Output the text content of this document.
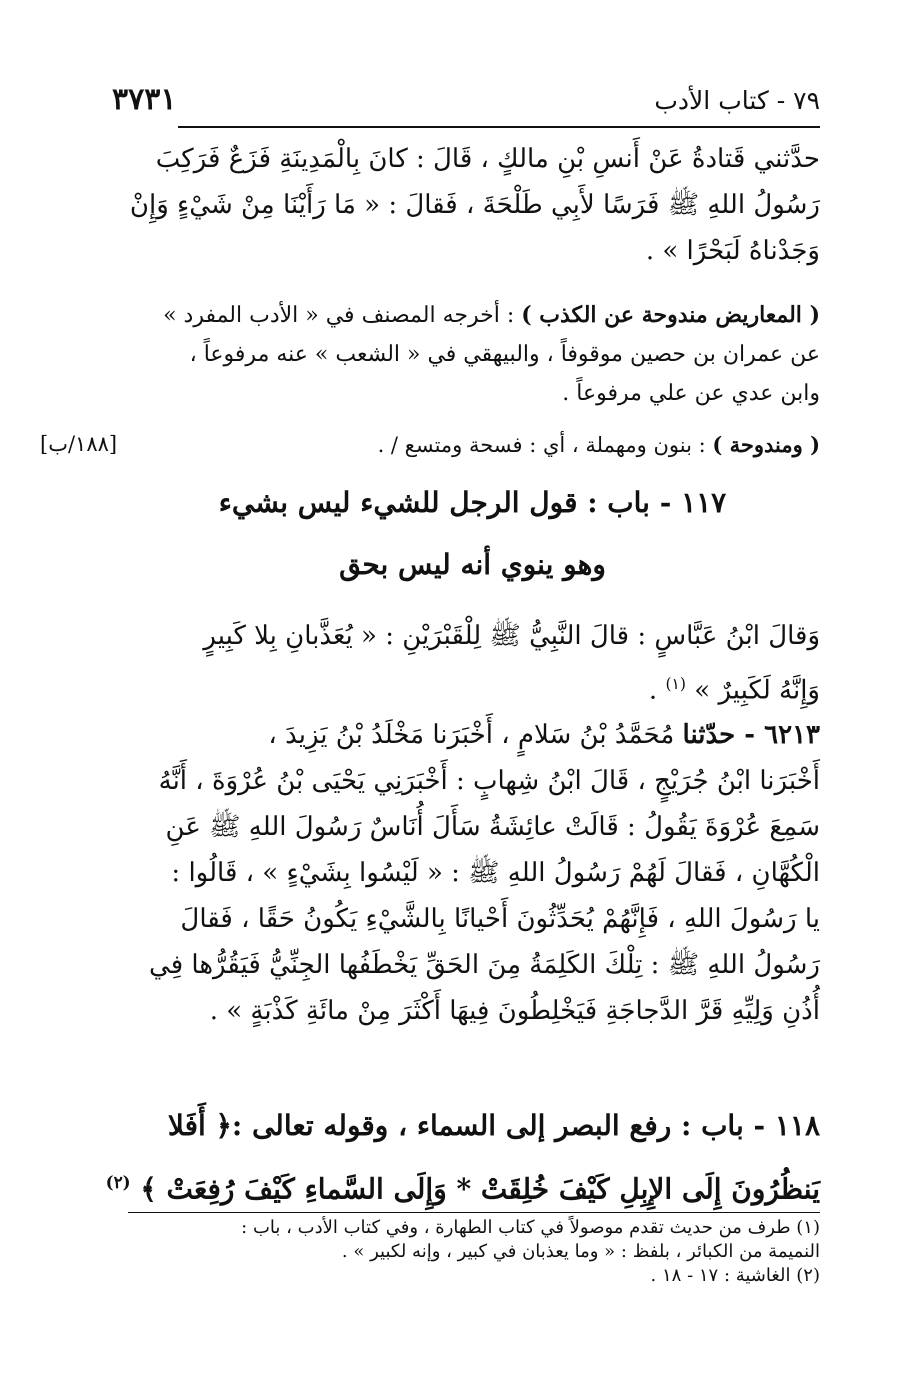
٧٩ - كتاب الأدب
٣٧٣١
حدَّثني قَتادةُ عَنْ أَنسِ بْنِ مالكٍ ، قَالَ : كانَ بِالْمَدِينَةِ فَزَعٌ فَرَكِبَ
رَسُولُ اللهِ ﷺ فَرَسًا لأَبِي طَلْحَةَ ، فَقالَ : « مَا رَأَيْنَا مِنْ شَيْءٍ وَإِنْ
وَجَدْناهُ لَبَحْرًا » .
( المعاريض مندوحة عن الكذب ) : أخرجه المصنف في « الأدب المفرد »
عن عمران بن حصين موقوفاً ، والبيهقي في « الشعب » عنه مرفوعاً ،
وابن عدي عن علي مرفوعاً .
( ومندوحة ) : بنون ومهملة ، أي : فسحة ومتسع / .
[١٨٨/ب]
١١٧ - باب : قول الرجل للشيء ليس بشيء
وهو ينوي أنه ليس بحق
وَقالَ ابْنُ عَبَّاسٍ : قالَ النَّبِيُّ ﷺ لِلْقَبْرَيْنِ : « يُعَذَّبانِ بِلا كَبِيرٍ
وَإِنَّهُ لَكَبِيرٌ » $^{(١)}$ .
٦٢١٣ - حدّثنا مُحَمَّدُ بْنُ سَلامٍ ، أَخْبَرَنا مَخْلَدُ بْنُ يَزِيدَ ،
أَخْبَرَنا ابْنُ جُرَيْجٍ ، قَالَ ابْنُ شِهابٍ : أَخْبَرَنِي يَحْيَى بْنُ عُرْوَةَ ، أَنَّهُ
سَمِعَ عُرْوَةَ يَقُولُ : قَالَتْ عائِشَةُ سَأَلَ أُنَاسٌ رَسُولَ اللهِ ﷺ عَنِ
الْكُهَّانِ ، فَقالَ لَهُمْ رَسُولُ اللهِ ﷺ : « لَيْسُوا بِشَيْءٍ » ، قَالُوا :
يا رَسُولَ اللهِ ، فَإِنَّهُمْ يُحَدِّثُونَ أَحْيانًا بِالشَّيْءِ يَكُونُ حَقًا ، فَقالَ
رَسُولُ اللهِ ﷺ : تِلْكَ الكَلِمَةُ مِنَ الحَقِّ يَخْطَفُها الجِنِّيُّ فَيَقُرُّها فِي
أُذُنِ وَلِيِّهِ قَرَّ الدَّجاجَةِ فَيَخْلِطُونَ فِيهَا أَكْثَرَ مِنْ مائَةِ كَذْبَةٍ » .
١١٨ - باب : رفع البصر إلى السماء ، وقوله تعالى :﴿ أَفَلا
يَنظُرُونَ إِلَى الإِبِلِ كَيْفَ خُلِقَتْ * وَإِلَى السَّماءِ كَيْفَ رُفِعَتْ ﴾ $^{(٢)}$
(١) طرف من حديث تقدم موصولاً في كتاب الطهارة ، وفي كتاب الأدب ، باب :
النميمة من الكبائر ، بلفظ : « وما يعذبان في كبير ، وإنه لكبير » .
(٢) الغاشية : ١٧ - ١٨ .
